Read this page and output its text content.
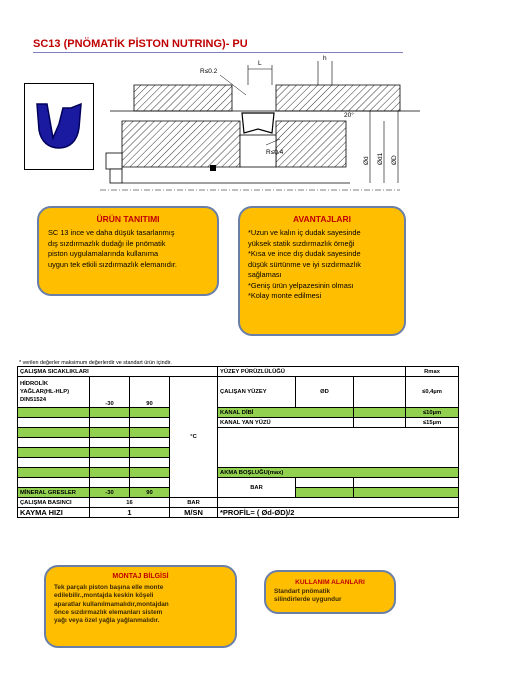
SC13 (PNÖMATİK PİSTON NUTRING)- PU
R≤0.2
R≤0.4
L
h
20°
Ød Ød1 ØD
ÜRÜN TANITIMI
SC 13 ince ve daha düşük tasarlanmış
dış sızdırmazlık dudağı ile pnömatik
piston uygulamalarında kullanıma
uygun tek etkili sızdırmazlık elemanıdır.
AVANTAJLARI
*Uzun ve kalın iç dudak sayesinde
yüksek statik sızdırmazlık örneği
*Kısa ve ince dış dudak sayesinde
düşük sürtünme ve iyi sızdırmazlık
sağlaması
*Geniş ürün yelpazesinin olması
*Kolay monte edilmesi
* verilen değerler maksimum değerlerdir ve standart ürün içindir.
ÇALIŞMA SICAKLIKLARI				YÜZEY PÜRÜZLÜLÜĞÜ			Rmax

HİDROLİK
YAĞLAR(HL-HLP)
DIN51524	-30	90	°C	ÇALIŞAN YÜZEY	ØD		≤0,4µm
				KANAL DİBİ			≤10µm
				KANAL YAN YÜZÜ			≤15µm

				AKMA BOŞLUĞU(max)			
				BAR			
MİNERAL GRESLER	-30	90					
ÇALIŞMA BASINCI	16		BAR				
KAYMA HIZI	1		M/SN	*PROFİL= ( Ød-ØD)/2			
MONTAJ BİLGİSİ
Tek parçalı piston başına elle monte
edilebilir.,montajda keskin köşeli
aparatlar kullanılmamalıdır,montajdan
önce sızdırmazlık elemanları sistem
yağı veya özel yağla yağlanmalıdır.
KULLANIM ALANLARI
Standart pnömatik
silindirlerde uygundur
